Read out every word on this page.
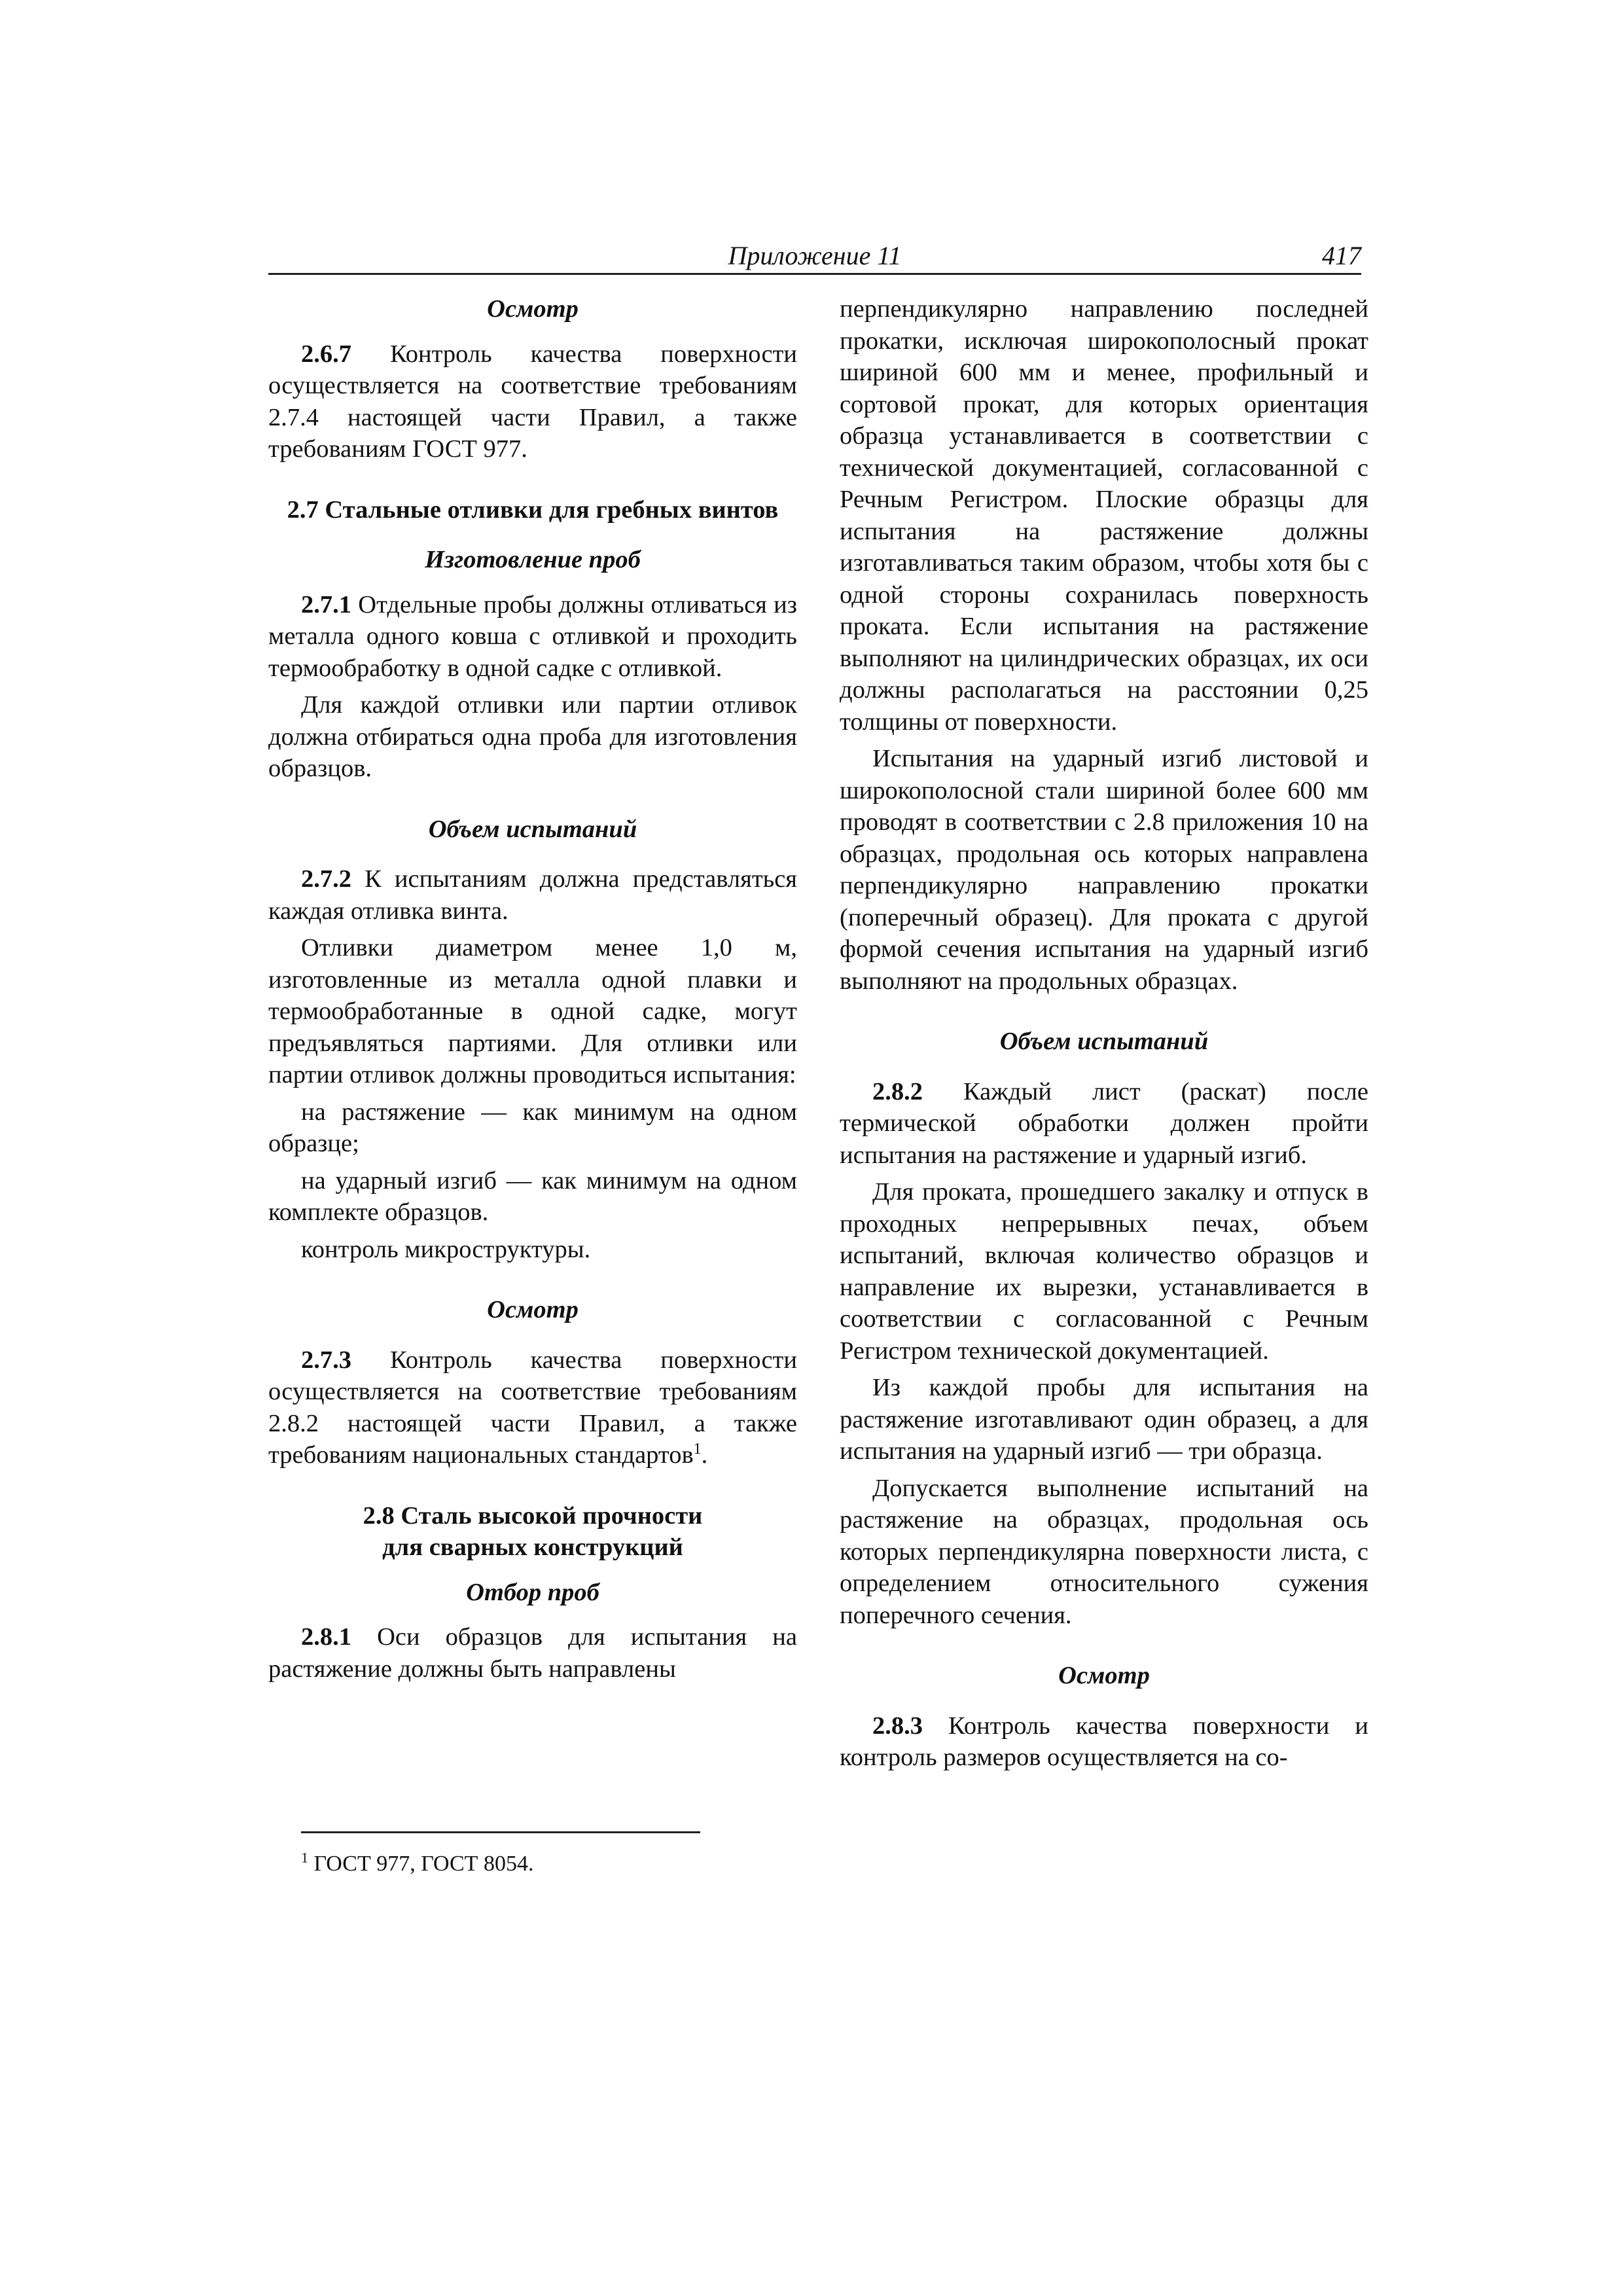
Приложение 11	417
Осмотр

2.6.7 Контроль качества поверхности осуществляется на соответствие требованиям 2.7.4 настоящей части Правил, а также требованиям ГОСТ 977.

2.7 Стальные отливки для гребных винтов
Изготовление проб

2.7.1 Отдельные пробы должны отливаться из металла одного ковша с отливкой и проходить термообработку в одной садке с отливкой.

Для каждой отливки или партии отливок должна отбираться одна проба для изготовления образцов.

Объем испытаний

2.7.2 К испытаниям должна представляться каждая отливка винта.

Отливки диаметром менее 1,0 м, изготовленные из металла одной плавки и термообработанные в одной садке, могут предъявляться партиями. Для отливки или партии отливок должны проводиться испытания:

на растяжение — как минимум на одном образце;

на ударный изгиб — как минимум на одном комплекте образцов.

контроль микроструктуры.

Осмотр

2.7.3 Контроль качества поверхности осуществляется на соответствие требованиям 2.8.2 настоящей части Правил, а также требованиям национальных стандартов$^1$.

2.8 Сталь высокой прочности
для сварных конструкций
Отбор проб

2.8.1 Оси образцов для испытания на растяжение должны быть направлены

перпендикулярно направлению последней прокатки, исключая широкополосный прокат шириной 600 мм и менее, профильный и сортовой прокат, для которых ориентация образца устанавливается в соответствии с технической документацией, согласованной с Речным Регистром. Плоские образцы для испытания на растяжение должны изготавливаться таким образом, чтобы хотя бы с одной стороны сохранилась поверхность проката. Если испытания на растяжение выполняют на цилиндрических образцах, их оси должны располагаться на расстоянии 0,25 толщины от поверхности.

Испытания на ударный изгиб листовой и широкополосной стали шириной более 600 мм проводят в соответствии с 2.8 приложения 10 на образцах, продольная ось которых направлена перпендикулярно направлению прокатки (поперечный образец). Для проката с другой формой сечения испытания на ударный изгиб выполняют на продольных образцах.

Объем испытаний

2.8.2 Каждый лист (раскат) после термической обработки должен пройти испытания на растяжение и ударный изгиб.

Для проката, прошедшего закалку и отпуск в проходных непрерывных печах, объем испытаний, включая количество образцов и направление их вырезки, устанавливается в соответствии с согласованной с Речным Регистром технической документацией.

Из каждой пробы для испытания на растяжение изготавливают один образец, а для испытания на ударный изгиб — три образца.

Допускается выполнение испытаний на растяжение на образцах, продольная ось которых перпендикулярна поверхности листа, с определением относительного сужения поперечного сечения.

Осмотр

2.8.3 Контроль качества поверхности и контроль размеров осуществляется на со-

$^1$ ГОСТ 977, ГОСТ 8054.
